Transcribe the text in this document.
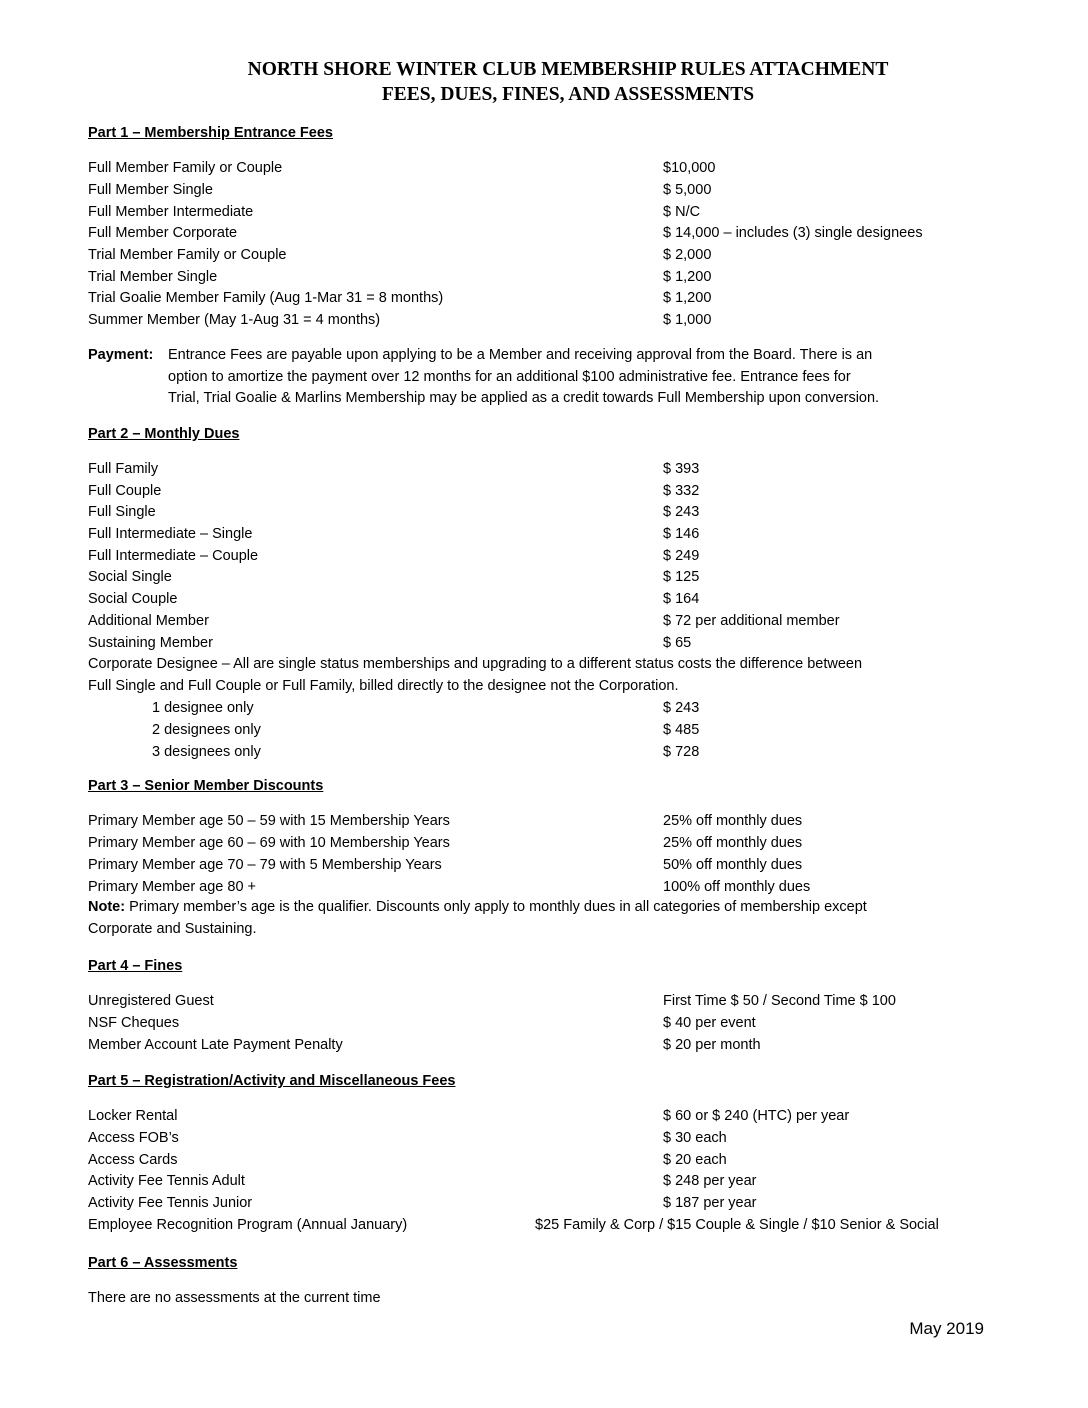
NORTH SHORE WINTER CLUB MEMBERSHIP RULES ATTACHMENT
FEES, DUES, FINES, AND ASSESSMENTS
Part 1 – Membership Entrance Fees
Full Member Family or Couple	$10,000
Full Member Single	$ 5,000
Full Member Intermediate	$ N/C
Full Member Corporate	$ 14,000 – includes (3) single designees
Trial Member Family or Couple	$ 2,000
Trial Member Single	$ 1,200
Trial Goalie Member Family (Aug 1-Mar 31 = 8 months)	$ 1,200
Summer Member (May 1-Aug 31 = 4 months)	$ 1,000
Payment: Entrance Fees are payable upon applying to be a Member and receiving approval from the Board. There is an
option to amortize the payment over 12 months for an additional $100 administrative fee. Entrance fees for
Trial, Trial Goalie & Marlins Membership may be applied as a credit towards Full Membership upon conversion.
Part 2 – Monthly Dues
Full Family	$ 393
Full Couple	$ 332
Full Single	$ 243
Full Intermediate – Single	$ 146
Full Intermediate – Couple	$ 249
Social Single	$ 125
Social Couple	$ 164
Additional Member	$ 72 per additional member
Sustaining Member	$ 65
Corporate Designee – All are single status memberships and upgrading to a different status costs the difference between
Full Single and Full Couple or Full Family, billed directly to the designee not the Corporation.
1 designee only	$ 243
2 designees only	$ 485
3 designees only	$ 728
Part 3 – Senior Member Discounts
Primary Member age 50 – 59 with 15 Membership Years	25% off monthly dues
Primary Member age 60 – 69 with 10 Membership Years	25% off monthly dues
Primary Member age 70 – 79 with 5 Membership Years	50% off monthly dues
Primary Member age 80 +	100% off monthly dues
Note: Primary member’s age is the qualifier. Discounts only apply to monthly dues in all categories of membership except
Corporate and Sustaining.
Part 4 – Fines
Unregistered Guest	First Time $ 50 / Second Time $ 100
NSF Cheques	$ 40 per event
Member Account Late Payment Penalty	$ 20 per month
Part 5 – Registration/Activity and Miscellaneous Fees
Locker Rental	$ 60 or $ 240 (HTC) per year
Access FOB’s	$ 30 each
Access Cards	$ 20 each
Activity Fee Tennis Adult	$ 248 per year
Activity Fee Tennis Junior	$ 187 per year
Employee Recognition Program (Annual January)	$25 Family & Corp / $15 Couple & Single / $10 Senior & Social
Part 6 – Assessments
There are no assessments at the current time
May 2019
